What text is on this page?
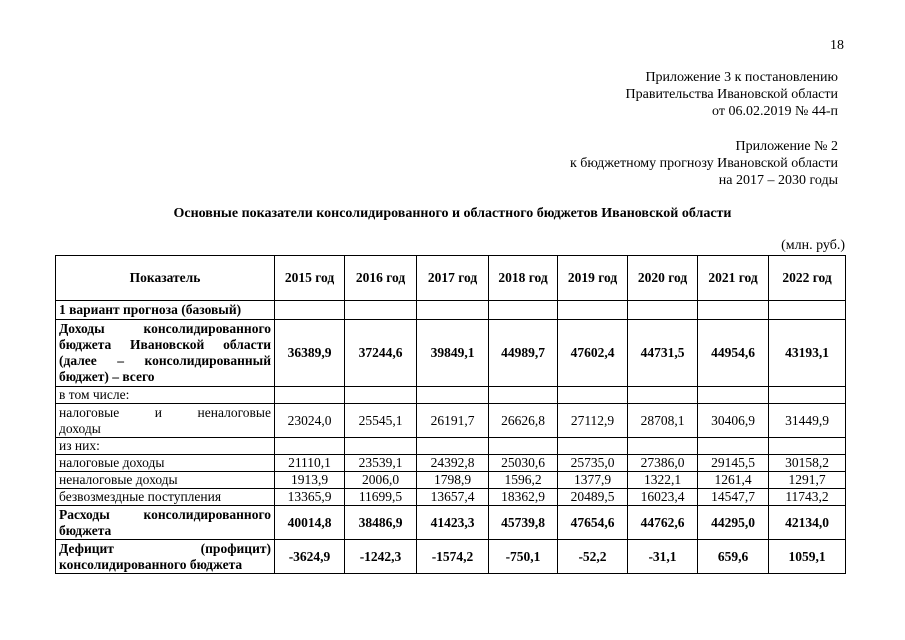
18
Приложение 3 к постановлению
Правительства Ивановской области
от 06.02.2019 № 44-п
Приложение № 2
к бюджетному прогнозу Ивановской области
на 2017 – 2030 годы
Основные показатели консолидированного и областного бюджетов Ивановской области
(млн. руб.)
Показатель	2015 год	2016 год	2017 год	2018 год	2019 год	2020 год	2021 год	2022 год
1 вариант прогноза (базовый)								

Доходы консолидированного
бюджета Ивановской области (далее – консолидированный бюджет) – всего	36389,9	37244,6	39849,1	44989,7	47602,4	44731,5	44954,6	43193,1
в том числе:								

налоговые и неналоговые
доходы	23024,0	25545,1	26191,7	26626,8	27112,9	28708,1	30406,9	31449,9
из них:								
налоговые доходы	21110,1	23539,1	24392,8	25030,6	25735,0	27386,0	29145,5	30158,2
неналоговые доходы	1913,9	2006,0	1798,9	1596,2	1377,9	1322,1	1261,4	1291,7
безвозмездные поступления	13365,9	11699,5	13657,4	18362,9	20489,5	16023,4	14547,7	11743,2

Расходы консолидированного
бюджета	40014,8	38486,9	41423,3	45739,8	47654,6	44762,6	44295,0	42134,0

Дефицит (профицит)
консолидированного бюджета	-3624,9	-1242,3	-1574,2	-750,1	-52,2	-31,1	659,6	1059,1
